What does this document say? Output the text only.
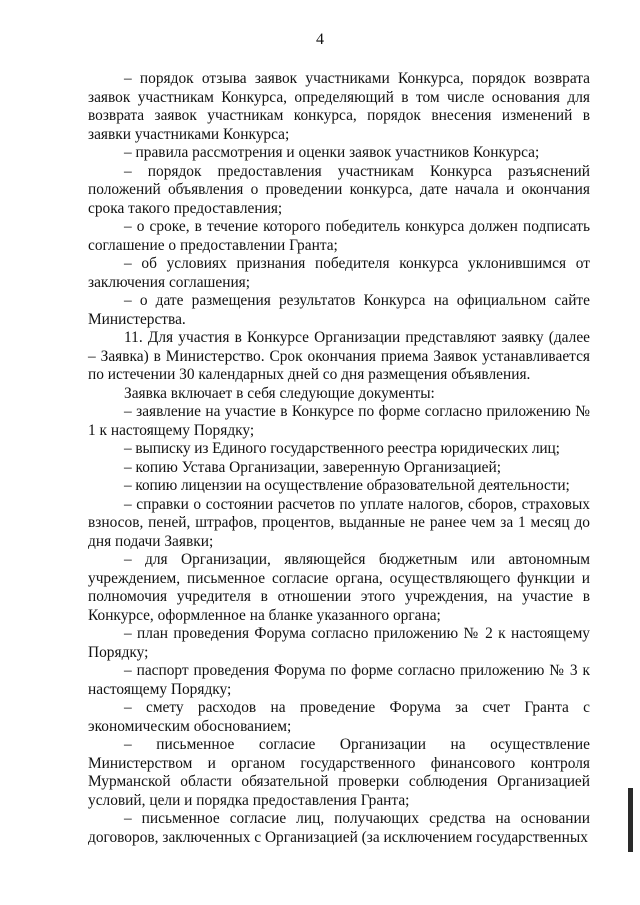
4

– порядок отзыва заявок участниками Конкурса, порядок возврата заявок участникам Конкурса, определяющий в том числе основания для возврата заявок участникам конкурса, порядок внесения изменений в заявки участниками Конкурса;

– правила рассмотрения и оценки заявок участников Конкурса;

– порядок предоставления участникам Конкурса разъяснений положений объявления о проведении конкурса, дате начала и окончания срока такого предоставления;

– о сроке, в течение которого победитель конкурса должен подписать соглашение о предоставлении Гранта;

– об условиях признания победителя конкурса уклонившимся от заключения соглашения;

– о дате размещения результатов Конкурса на официальном сайте Министерства.

11. Для участия в Конкурсе Организации представляют заявку (далее – Заявка) в Министерство. Срок окончания приема Заявок устанавливается по истечении 30 календарных дней со дня размещения объявления.

Заявка включает в себя следующие документы:

– заявление на участие в Конкурсе по форме согласно приложению № 1 к настоящему Порядку;

– выписку из Единого государственного реестра юридических лиц;

– копию Устава Организации, заверенную Организацией;

– копию лицензии на осуществление образовательной деятельности;

– справки о состоянии расчетов по уплате налогов, сборов, страховых взносов, пеней, штрафов, процентов, выданные не ранее чем за 1 месяц до дня подачи Заявки;

– для Организации, являющейся бюджетным или автономным учреждением, письменное согласие органа, осуществляющего функции и полномочия учредителя в отношении этого учреждения, на участие в Конкурсе, оформленное на бланке указанного органа;

– план проведения Форума согласно приложению № 2 к настоящему Порядку;

– паспорт проведения Форума по форме согласно приложению № 3 к настоящему Порядку;

– смету расходов на проведение Форума за счет Гранта с экономическим обоснованием;

– письменное согласие Организации на осуществление Министерством и органом государственного финансового контроля Мурманской области обязательной проверки соблюдения Организацией условий, цели и порядка предоставления Гранта;

– письменное согласие лиц, получающих средства на основании договоров, заключенных с Организацией (за исключением государственных
